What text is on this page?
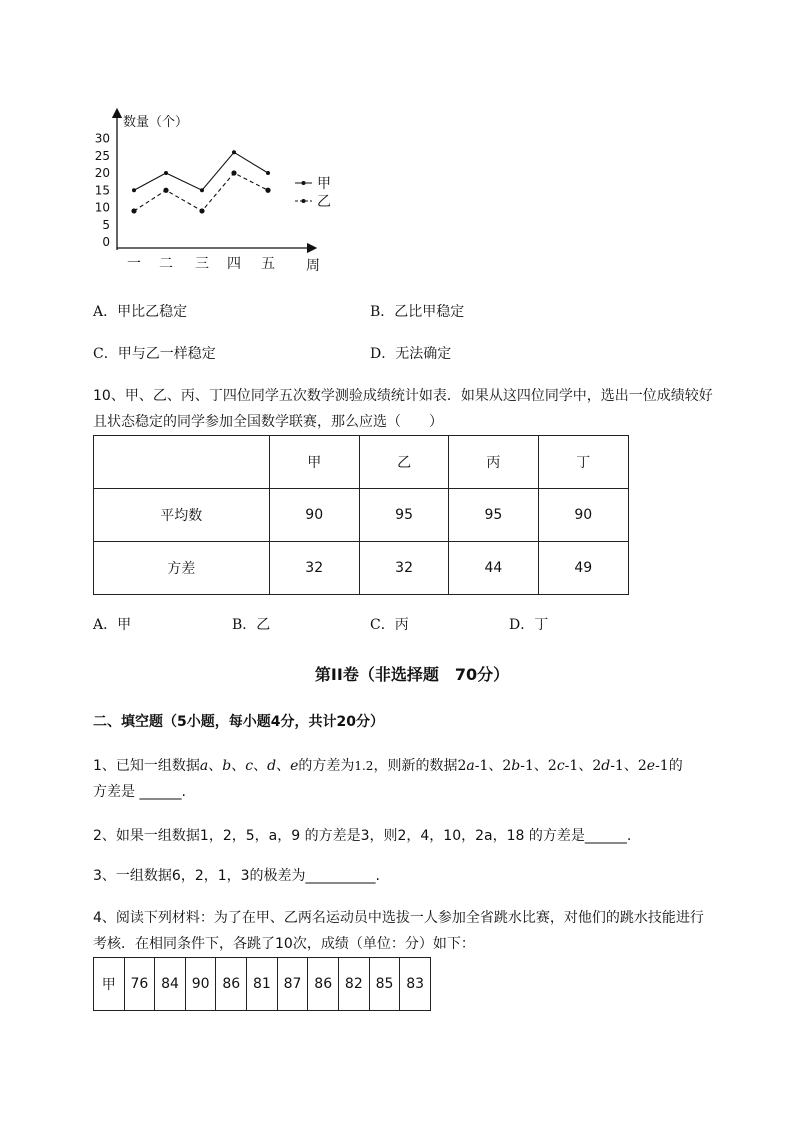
数量（个）
0
5
10
15
20
25
30
一 二 三 四 五 周
甲
乙
A．甲比乙稳定	B．乙比甲稳定
C．甲与乙一样稳定	D．无法确定
10、甲、乙、丙、丁四位同学五次数学测验成绩统计如表．如果从这四位同学中，选出一位成绩较好
且状态稳定的同学参加全国数学联赛，那么应选（　　）
	甲	乙	丙	丁
平均数	90	95	95	90
方差	32	32	44	49
A．甲	B．乙	C．丙	D．丁
第II卷（非选择题　70分）
二、填空题（5小题，每小题4分，共计20分）
1、已知一组数据a、b、c、d、e的方差为1.2，则新的数据2a-1、2b-1、2c-1、2d-1、2e-1的
方差是 ______.
2、如果一组数据1，2，5，a，9 的方差是3，则2，4，10，2a，18 的方差是______.
3、一组数据6，2，1，3的极差为__________.
4、阅读下列材料：为了在甲、乙两名运动员中选拔一人参加全省跳水比赛，对他们的跳水技能进行
考核．在相同条件下，各跳了10次，成绩（单位：分）如下：
甲	76	84	90	86	81	87	86	82	85	83
